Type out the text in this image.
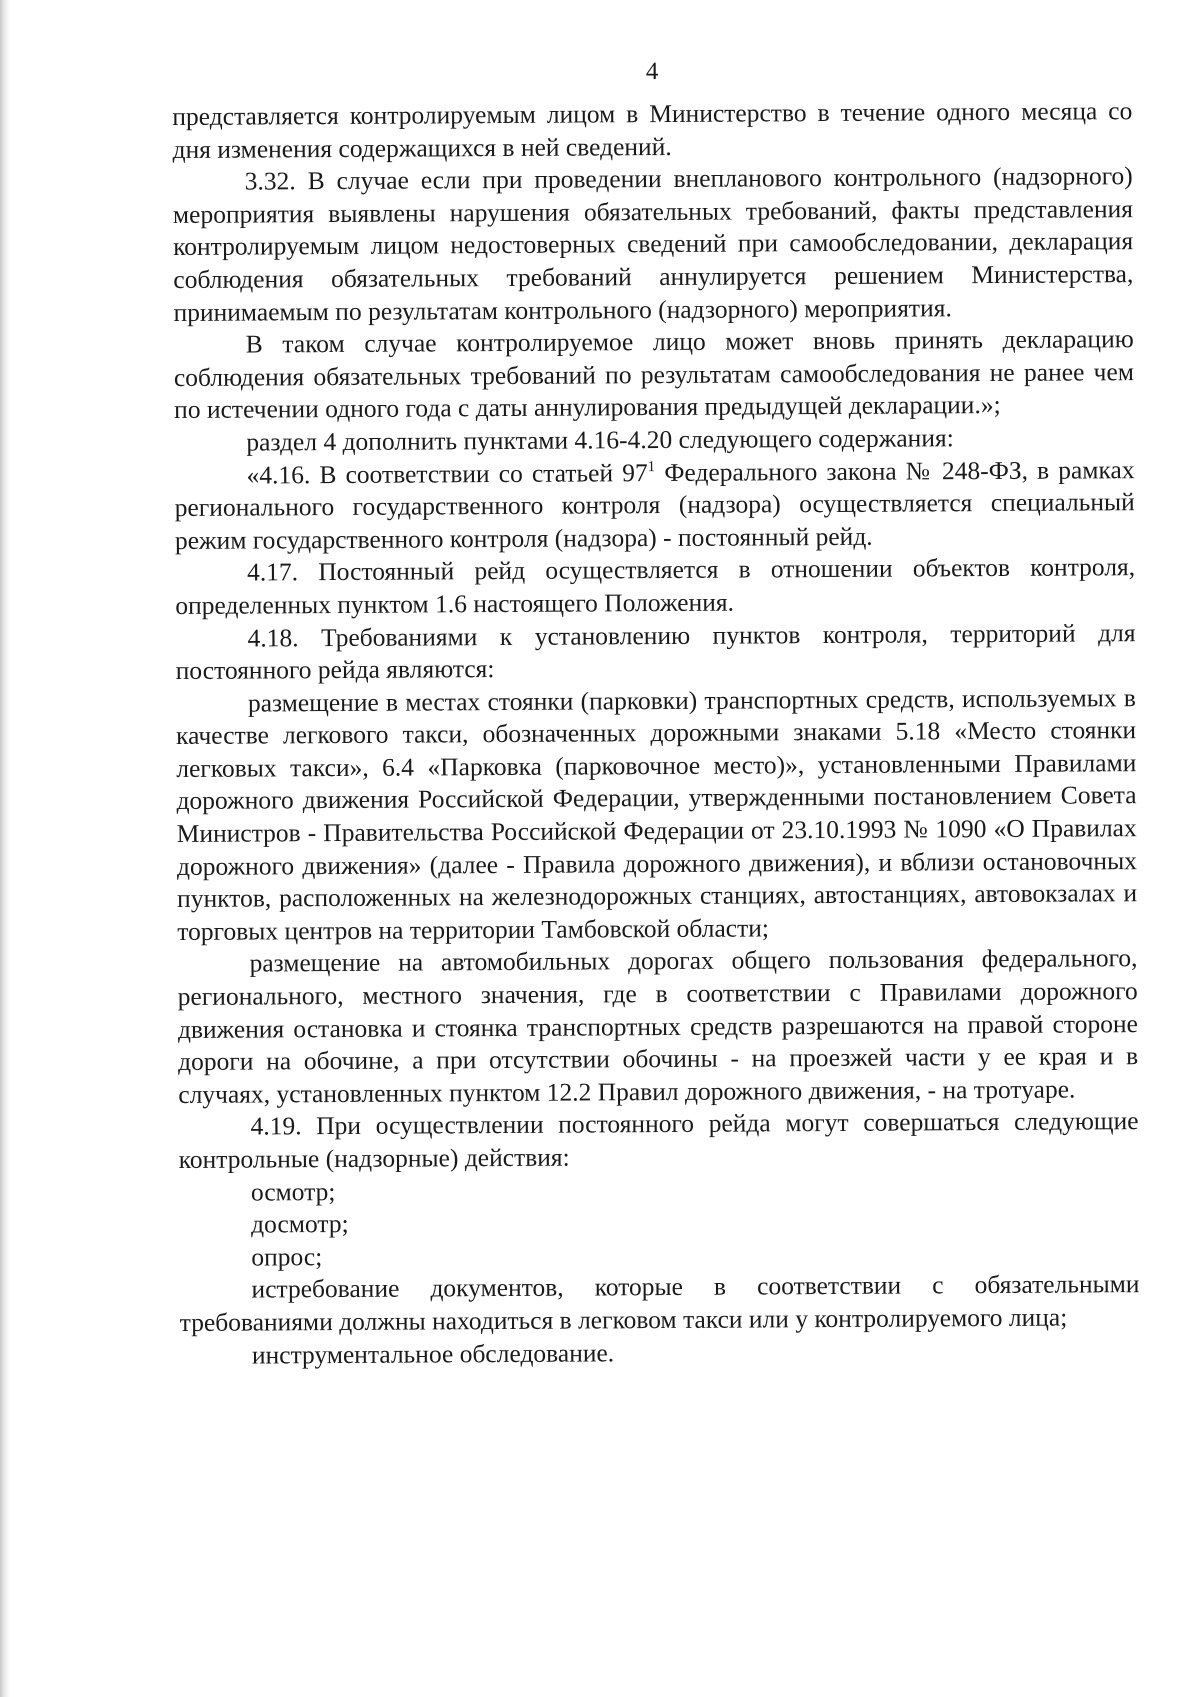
4

представляется контролируемым лицом в Министерство в течение одного месяца со дня изменения содержащихся в ней сведений.

3.32. В случае если при проведении внепланового контрольного (надзорного) мероприятия выявлены нарушения обязательных требований, факты представления контролируемым лицом недостоверных сведений при самообследовании, декларация соблюдения обязательных требований аннулируется решением Министерства, принимаемым по результатам контрольного (надзорного) мероприятия.

В таком случае контролируемое лицо может вновь принять декларацию соблюдения обязательных требований по результатам самообследования не ранее чем по истечении одного года с даты аннулирования предыдущей декларации.»;

раздел 4 дополнить пунктами 4.16-4.20 следующего содержания:

«4.16. В соответствии со статьей $97^1$ Федерального закона № 248-ФЗ, в рамках регионального государственного контроля (надзора) осуществляется специальный режим государственного контроля (надзора) - постоянный рейд.

4.17. Постоянный рейд осуществляется в отношении объектов контроля, определенных пунктом 1.6 настоящего Положения.

4.18. Требованиями к установлению пунктов контроля, территорий для постоянного рейда являются:

размещение в местах стоянки (парковки) транспортных средств, используемых в качестве легкового такси, обозначенных дорожными знаками 5.18 «Место стоянки легковых такси», 6.4 «Парковка (парковочное место)», установленными Правилами дорожного движения Российской Федерации, утвержденными постановлением Совета Министров - Правительства Российской Федерации от 23.10.1993 № 1090 «О Правилах дорожного движения» (далее - Правила дорожного движения), и вблизи остановочных пунктов, расположенных на железнодорожных станциях, автостанциях, автовокзалах и торговых центров на территории Тамбовской области;

размещение на автомобильных дорогах общего пользования федерального, регионального, местного значения, где в соответствии с Правилами дорожного движения остановка и стоянка транспортных средств разрешаются на правой стороне дороги на обочине, а при отсутствии обочины - на проезжей части у ее края и в случаях, установленных пунктом 12.2 Правил дорожного движения, - на тротуаре.

4.19. При осуществлении постоянного рейда могут совершаться следующие контрольные (надзорные) действия:

осмотр;

досмотр;

опрос;

истребование документов, которые в соответствии с обязательными требованиями должны находиться в легковом такси или у контролируемого лица;

инструментальное обследование.
